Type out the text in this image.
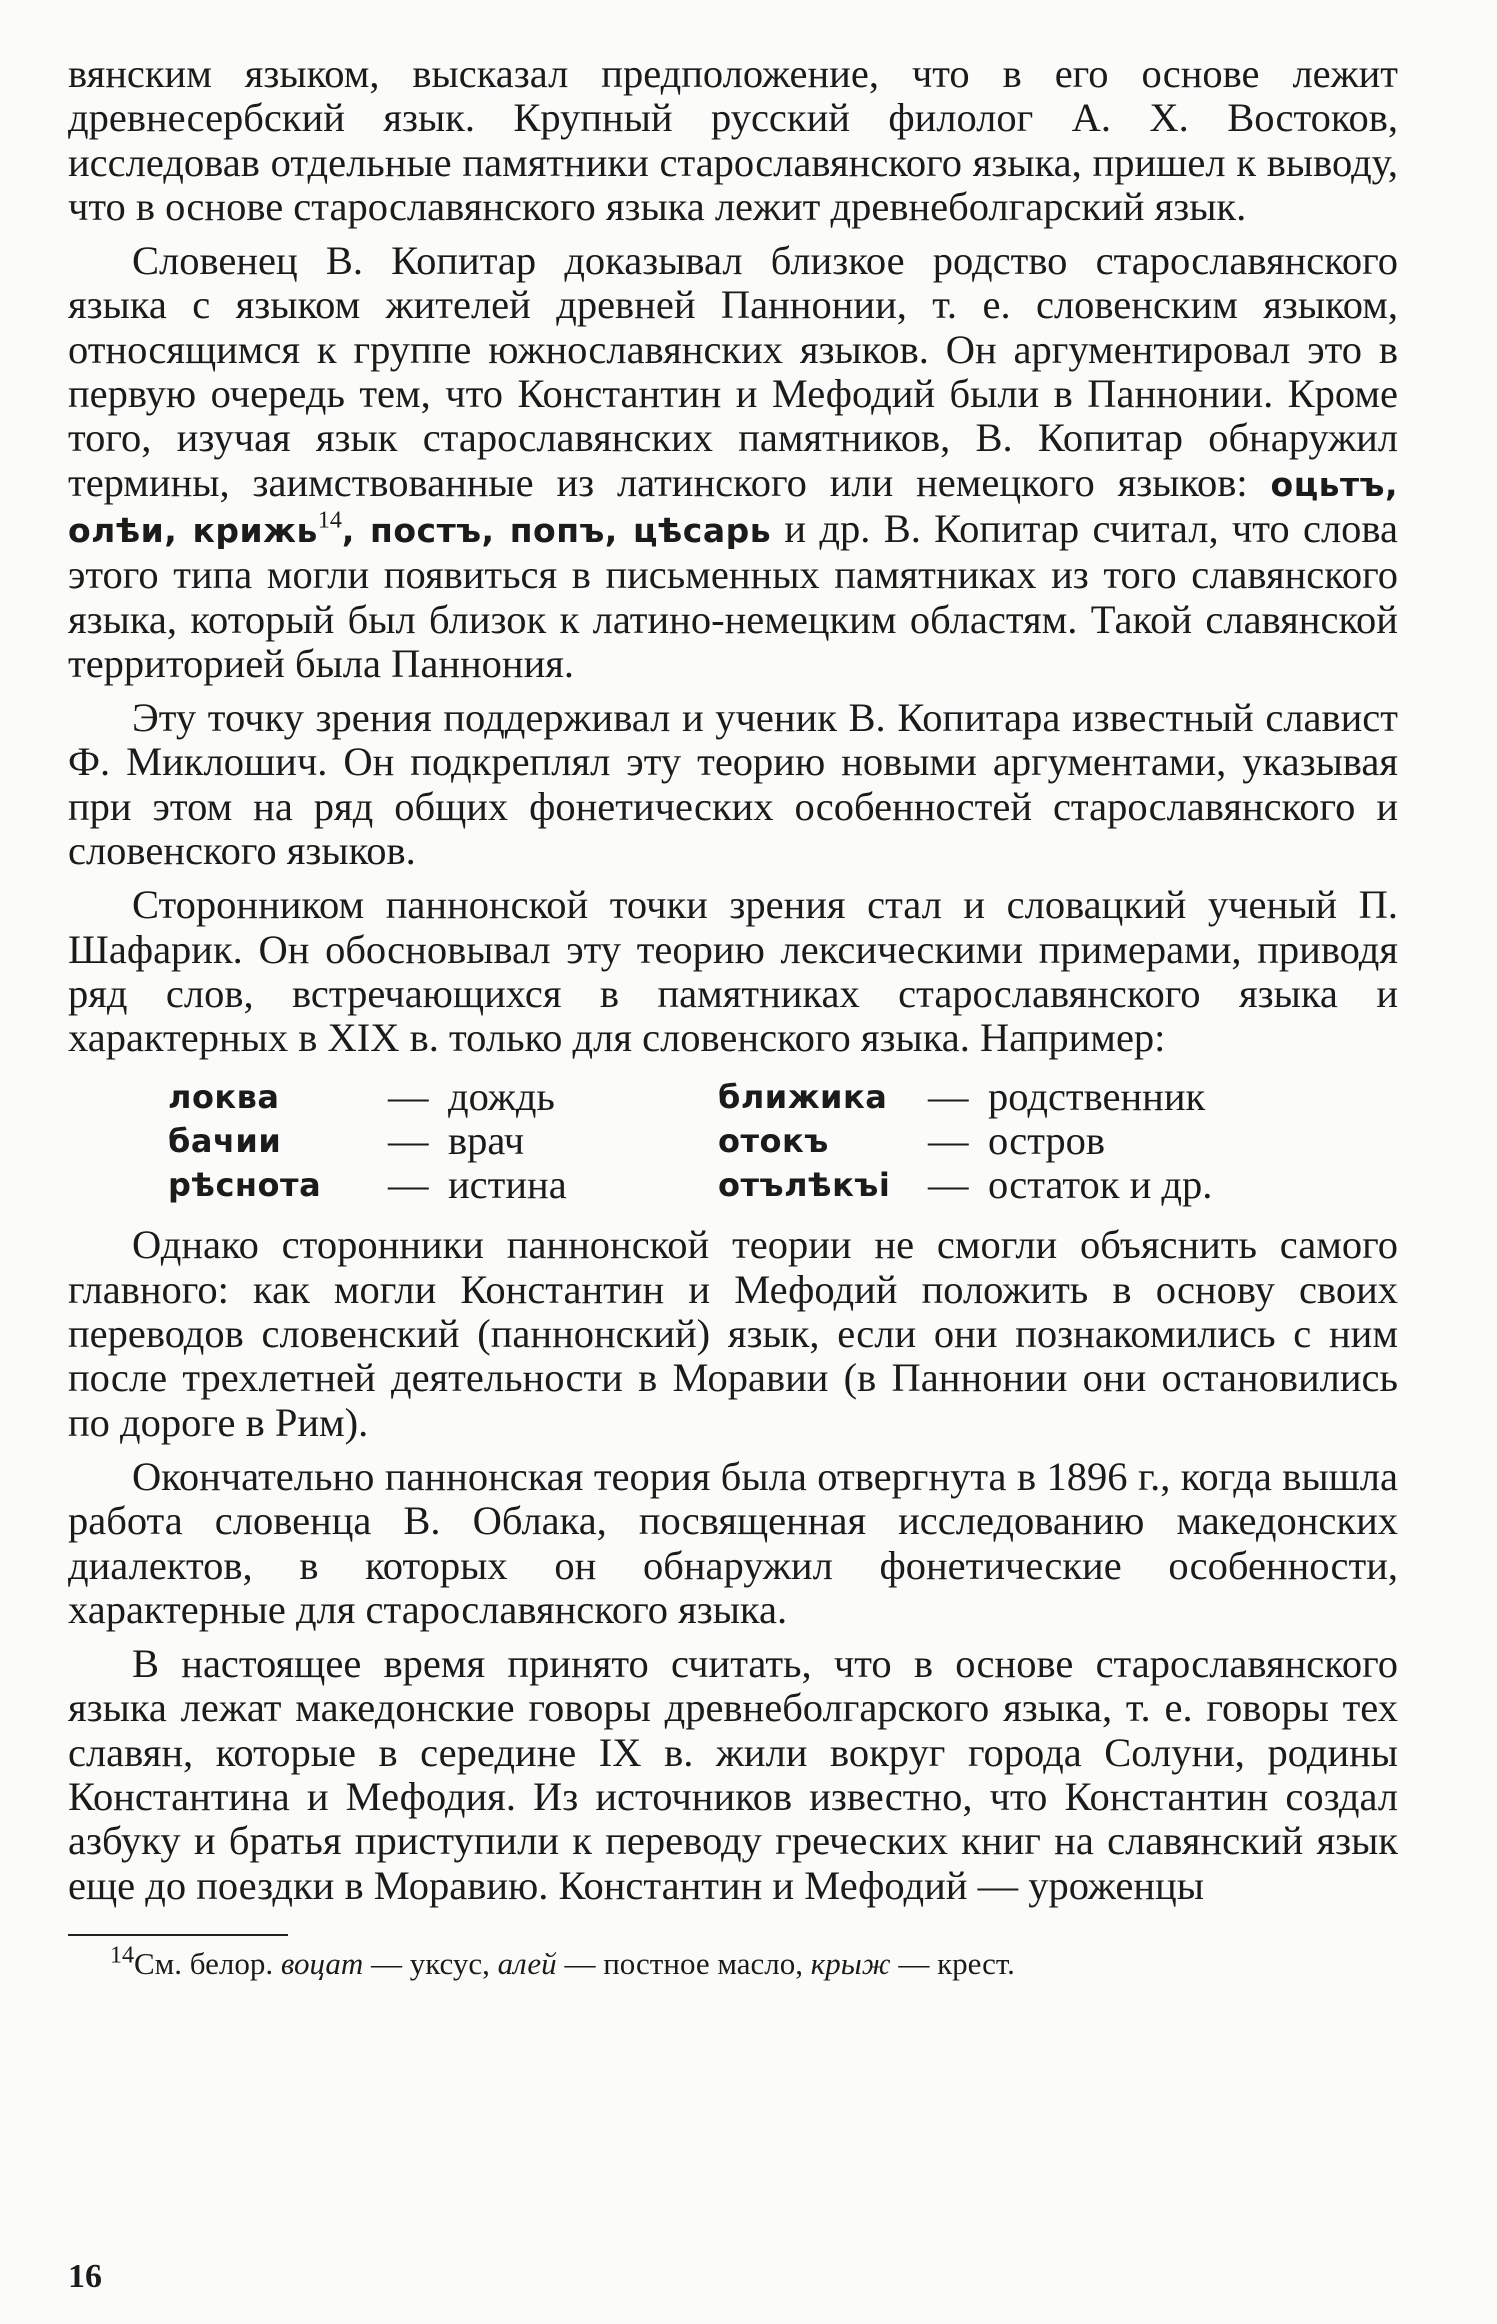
вянским языком, высказал предположение, что в его основе лежит древнесербский язык. Крупный русский филолог А. Х. Востоков, исследовав отдельные памятники старославянского языка, пришел к выводу, что в основе старославянского языка лежит древнеболгарский язык.

Словенец В. Копитар доказывал близкое родство старославянского языка с языком жителей древней Паннонии, т. е. словенским языком, относящимся к группе южнославянских языков. Он аргументировал это в первую очередь тем, что Константин и Мефодий были в Паннонии. Кроме того, изучая язык старославянских памятников, В. Копитар обнаружил термины, заимствованные из латинского или немецкого языков: оцьтъ, олѣи, крижь$^{14}$, постъ, попъ, цѣсарь и др. В. Копитар считал, что слова этого типа могли появиться в письменных памятниках из того славянского языка, который был близок к латино-немецким областям. Такой славянской территорией была Паннония.

Эту точку зрения поддерживал и ученик В. Копитара известный славист Ф. Миклошич. Он подкреплял эту теорию новыми аргументами, указывая при этом на ряд общих фонетических особенностей старославянского и словенского языков.

Сторонником паннонской точки зрения стал и словацкий ученый П. Шафарик. Он обосновывал эту теорию лексическими примерами, приводя ряд слов, встречающихся в памятниках старославянского языка и характерных в XIX в. только для словенского языка. Например:

локва	— дождь	ближика	— родственник
бачии	— врач	отокъ	— остров
рѣснота	— истина	отълѣкъі — остаток и др.

Однако сторонники паннонской теории не смогли объяснить самого главного: как могли Константин и Мефодий положить в основу своих переводов словенский (паннонский) язык, если они познакомились с ним после трехлетней деятельности в Моравии (в Паннонии они остановились по дороге в Рим).

Окончательно паннонская теория была отвергнута в 1896 г., когда вышла работа словенца В. Облака, посвященная исследованию македонских диалектов, в которых он обнаружил фонетические особенности, характерные для старославянского языка.

В настоящее время принято считать, что в основе старославянского языка лежат македонские говоры древнеболгарского языка, т. е. говоры тех славян, которые в середине IX в. жили вокруг города Солуни, родины Константина и Мефодия. Из источников известно, что Константин создал азбуку и братья приступили к переводу греческих книг на славянский язык еще до поездки в Моравию. Константин и Мефодий — уроженцы

$^{14}$См. белор. воцат — уксус, алей — постное масло, крыж — крест.
16
